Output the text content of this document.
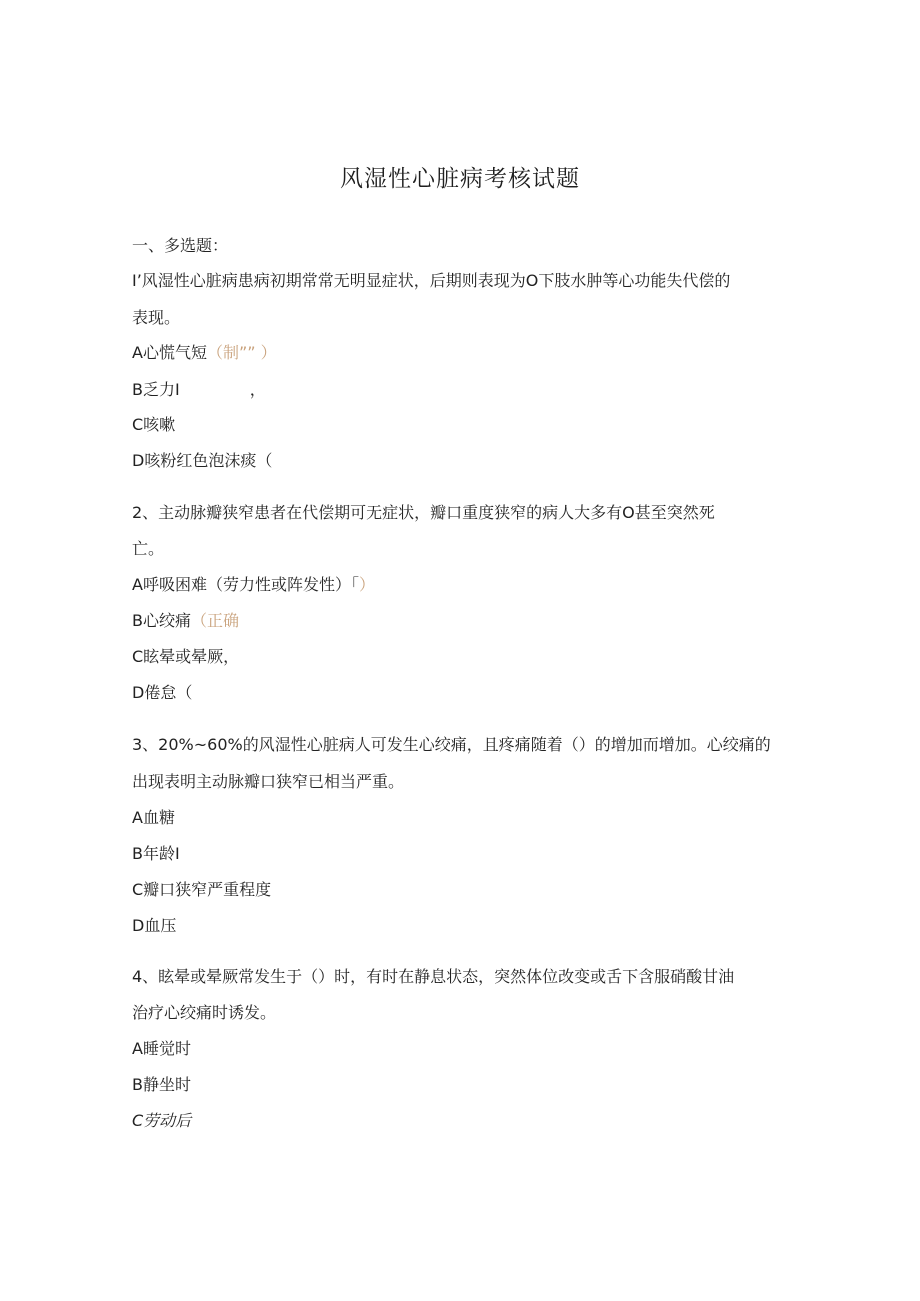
风湿性心脏病考核试题
一、多选题：
I’风湿性心脏病患病初期常常无明显症状，后期则表现为O下肢水肿等心功能失代偿的
表现。
A心慌气短（制”” ）
B乏力I	，
C咳嗽
D咳粉红色泡沫痰（
2、主动脉瓣狭窄患者在代偿期可无症状，瓣口重度狭窄的病人大多有O甚至突然死
亡。
A呼吸困难（劳力性或阵发性）「）
B心绞痛（正确
C眩晕或晕厥，
D倦怠（
3、20%~60%的风湿性心脏病人可发生心绞痛，且疼痛随着（）的增加而增加。心绞痛的
出现表明主动脉瓣口狭窄已相当严重。
A血糖
B年龄I
C瓣口狭窄严重程度
D血压
4、眩晕或晕厥常发生于（）时，有时在静息状态，突然体位改变或舌下含服硝酸甘油
治疗心绞痛时诱发。
A睡觉时
B静坐时
C劳动后
